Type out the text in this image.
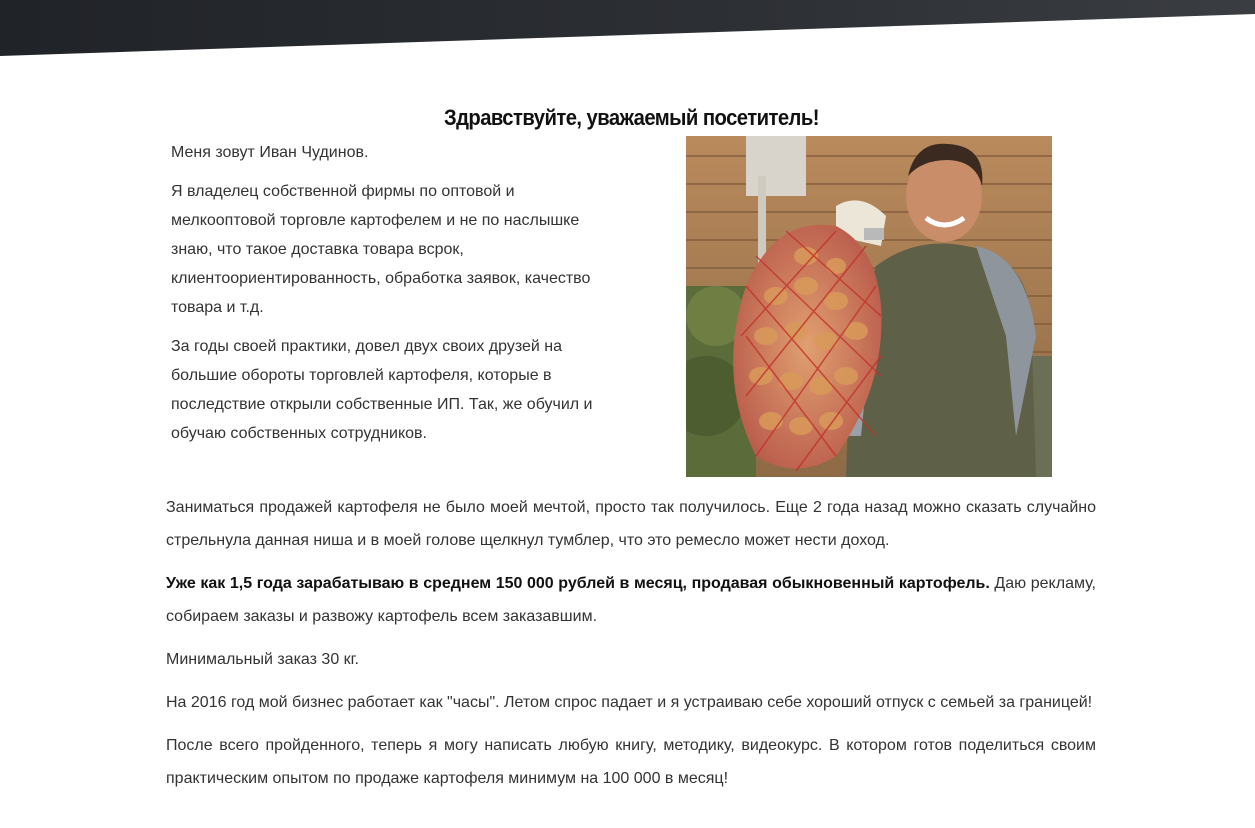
Здравствуйте, уважаемый посетитель!

Меня зовут Иван Чудинов.

Я владелец собственной фирмы по оптовой и мелкооптовой торговле картофелем и не по наслышке знаю, что такое доставка товара всрок, клиентоориентированность, обработка заявок, качество товара и т.д.

За годы своей практики, довел двух своих друзей на большие обороты торговлей картофеля, которые в последствие открыли собственные ИП. Так, же обучил и обучаю собственных сотрудников.

Заниматься продажей картофеля не было моей мечтой, просто так получилось. Еще 2 года назад можно сказать случайно стрельнула данная ниша и в моей голове щелкнул тумблер, что это ремесло может нести доход.

Уже как 1,5 года зарабатываю в среднем 150 000 рублей в месяц, продавая обыкновенный картофель. Даю рекламу, собираем заказы и развожу картофель всем заказавшим.

Минимальный заказ 30 кг.

На 2016 год мой бизнес работает как "часы". Летом спрос падает и я устраиваю себе хороший отпуск с семьей за границей!

После всего пройденного, теперь я могу написать любую книгу, методику, видеокурс. В котором готов поделиться своим практическим опытом по продаже картофеля минимум на 100 000 в месяц!
